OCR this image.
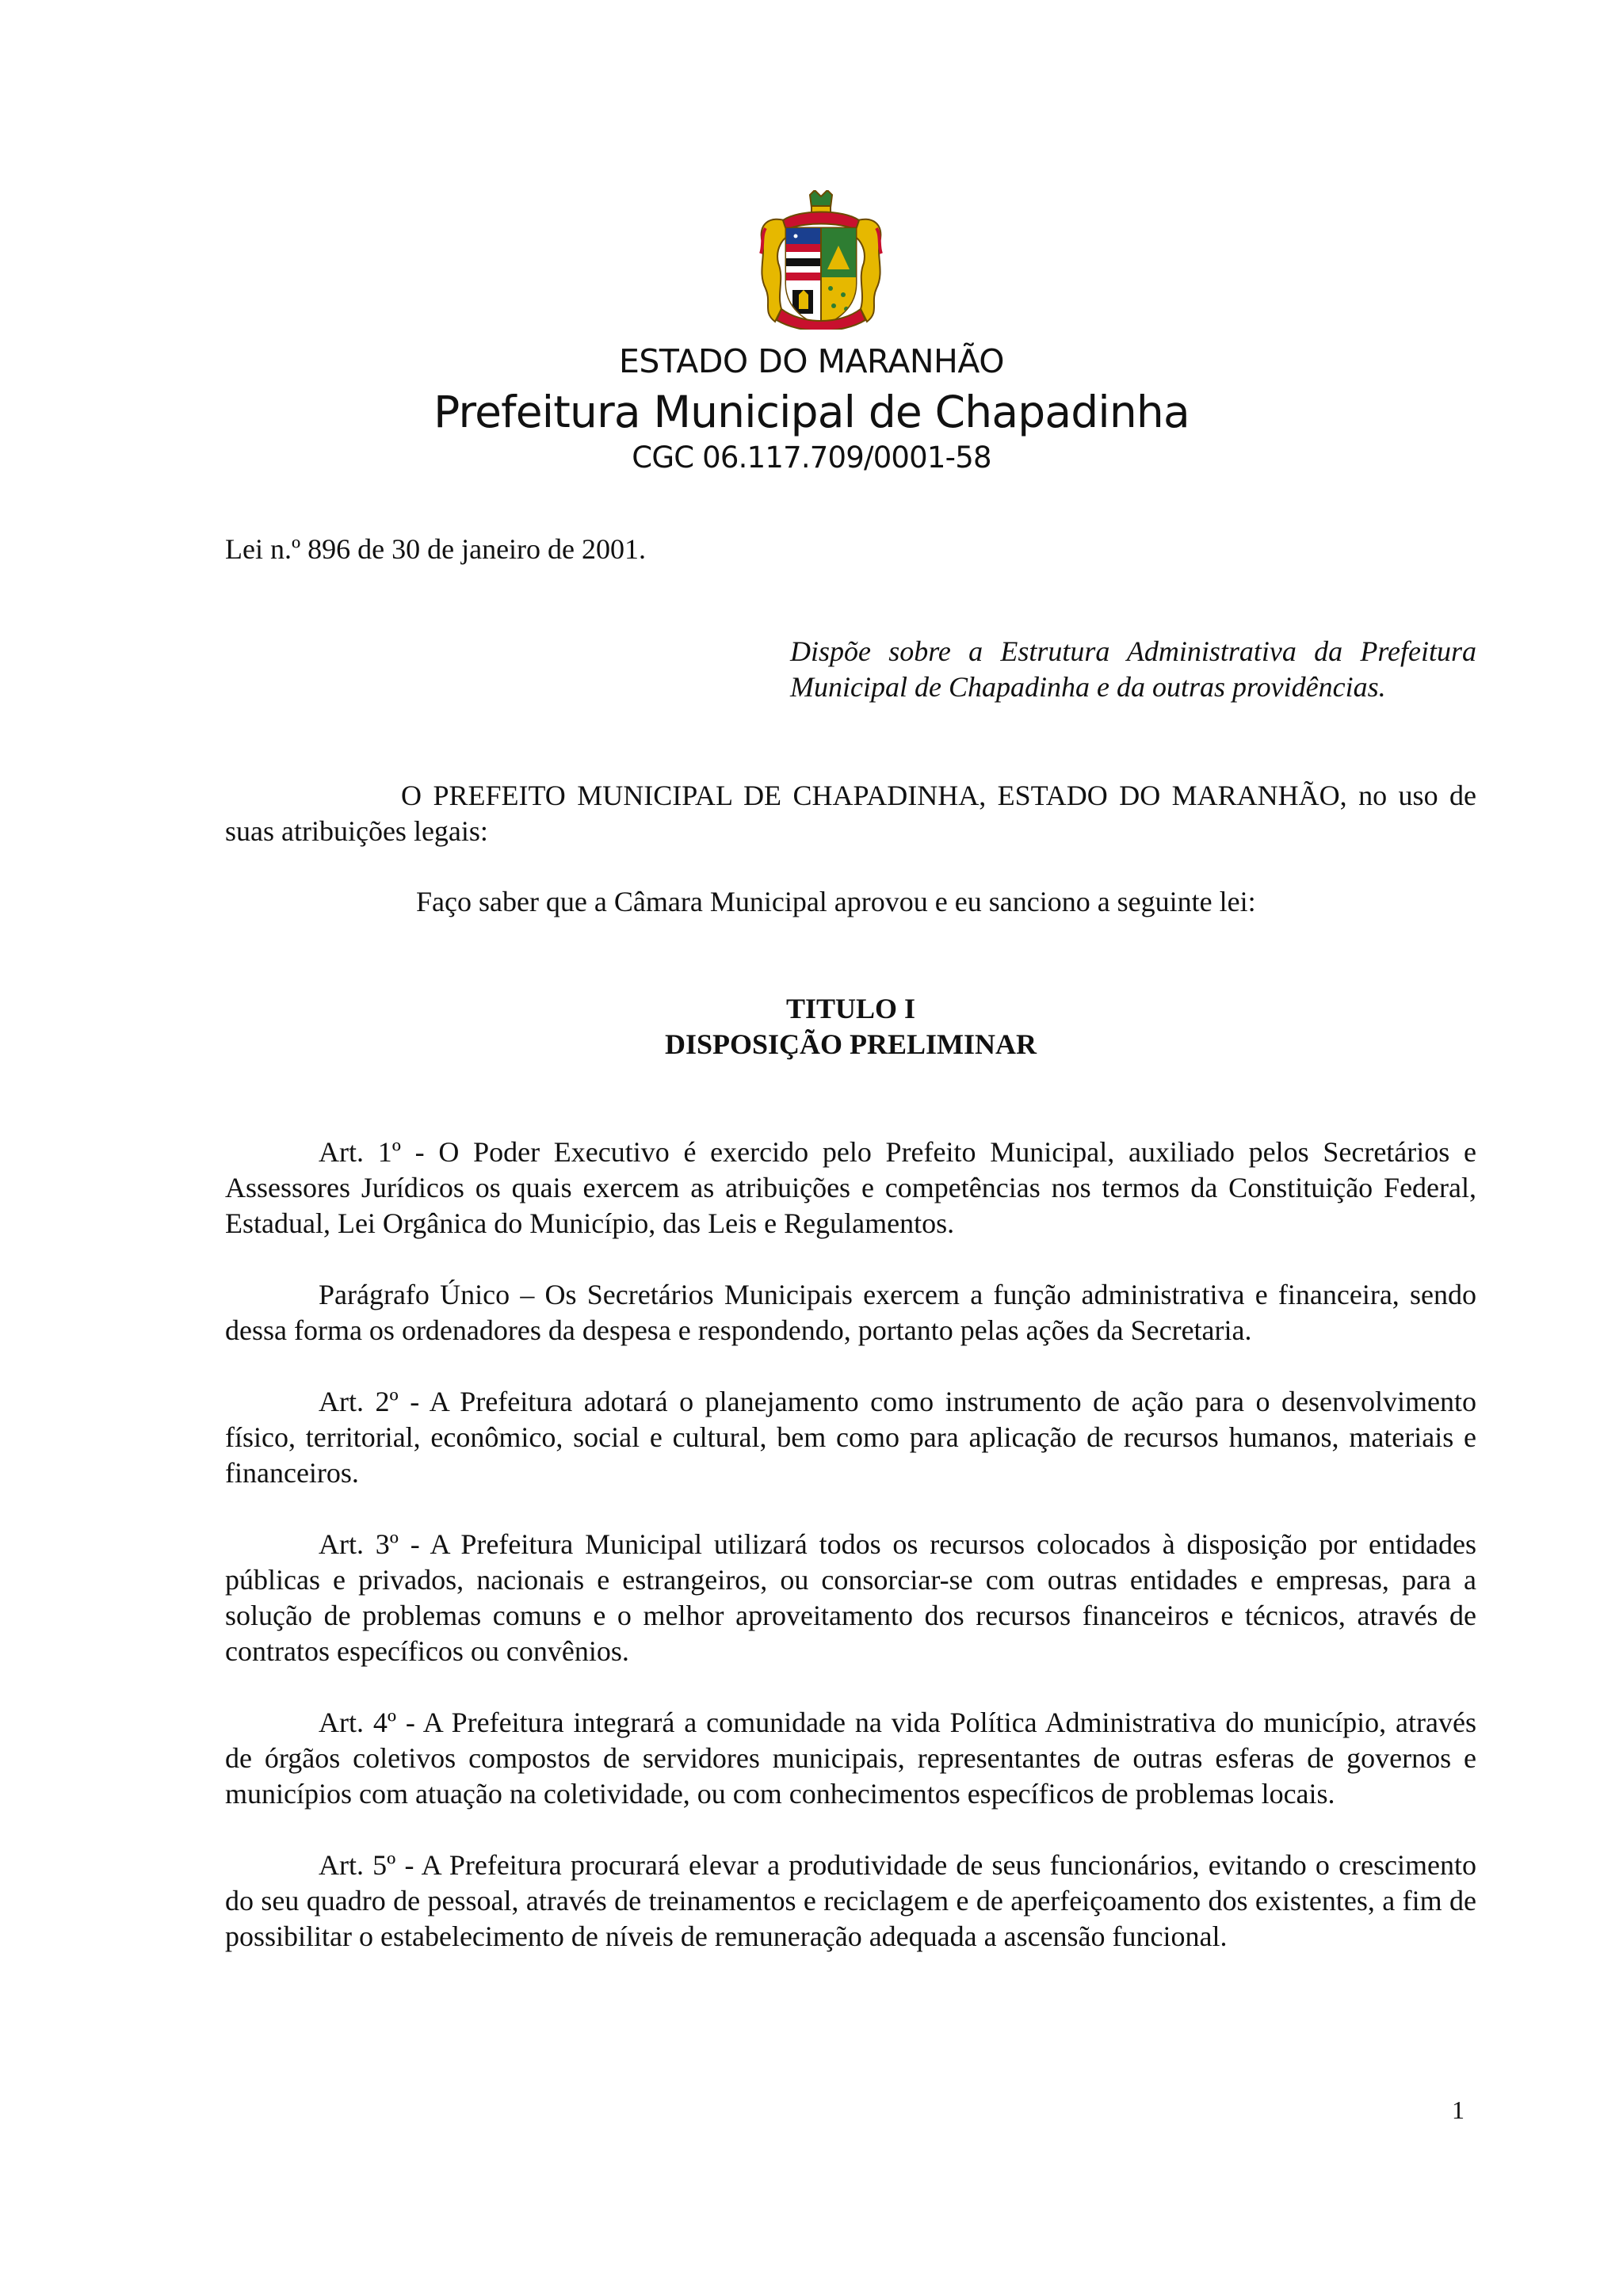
ESTADO DO MARANHÃO
Prefeitura Municipal de Chapadinha
CGC 06.117.709/0001-58
Lei n.º 896 de 30 de janeiro de 2001.
Dispõe sobre a Estrutura Administrativa da Prefeitura Municipal de Chapadinha e da outras providências.
O PREFEITO MUNICIPAL DE CHAPADINHA, ESTADO DO MARANHÃO, no uso de suas atribuições legais:
Faço saber que a Câmara Municipal aprovou e eu sanciono a seguinte lei:
TITULO I
DISPOSIÇÃO PRELIMINAR

Art. 1º - O Poder Executivo é exercido pelo Prefeito Municipal, auxiliado pelos Secretários e Assessores Jurídicos os quais exercem as atribuições e competências nos termos da Constituição Federal, Estadual, Lei Orgânica do Município, das Leis e Regulamentos.

Parágrafo Único – Os Secretários Municipais exercem a função administrativa e financeira, sendo dessa forma os ordenadores da despesa e respondendo, portanto pelas ações da Secretaria.

Art. 2º - A Prefeitura adotará o planejamento como instrumento de ação para o desenvolvimento físico, territorial, econômico, social e cultural, bem como para aplicação de recursos humanos, materiais e financeiros.

Art. 3º - A Prefeitura Municipal utilizará todos os recursos colocados à disposição por entidades públicas e privados, nacionais e estrangeiros, ou consorciar-se com outras entidades e empresas, para a solução de problemas comuns e o melhor aproveitamento dos recursos financeiros e técnicos, através de contratos específicos ou convênios.

Art. 4º - A Prefeitura integrará a comunidade na vida Política Administrativa do município, através de órgãos coletivos compostos de servidores municipais, representantes de outras esferas de governos e municípios com atuação na coletividade, ou com conhecimentos específicos de problemas locais.

Art. 5º - A Prefeitura procurará elevar a produtividade de seus funcionários, evitando o crescimento do seu quadro de pessoal, através de treinamentos e reciclagem e de aperfeiçoamento dos existentes, a fim de possibilitar o estabelecimento de níveis de remuneração adequada a ascensão funcional.

1
